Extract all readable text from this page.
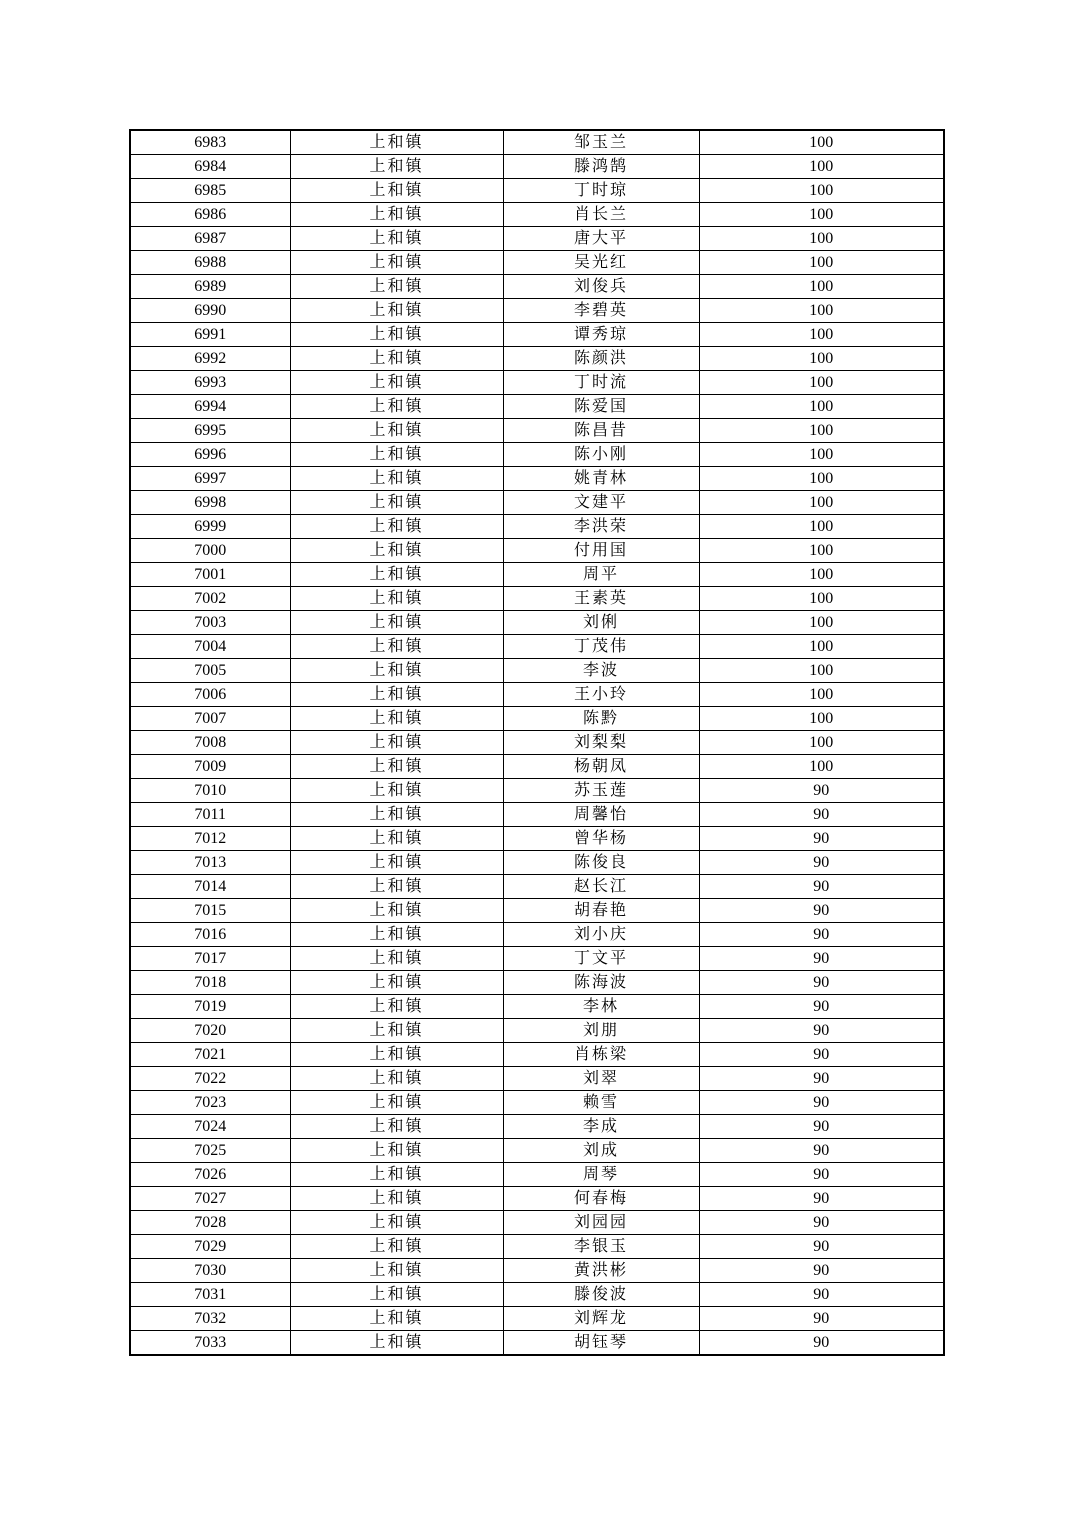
6983	上和镇	邹玉兰	100
6984	上和镇	滕鸿鹄	100
6985	上和镇	丁时琼	100
6986	上和镇	肖长兰	100
6987	上和镇	唐大平	100
6988	上和镇	吴光红	100
6989	上和镇	刘俊兵	100
6990	上和镇	李碧英	100
6991	上和镇	谭秀琼	100
6992	上和镇	陈颜洪	100
6993	上和镇	丁时流	100
6994	上和镇	陈爱国	100
6995	上和镇	陈昌昔	100
6996	上和镇	陈小刚	100
6997	上和镇	姚青林	100
6998	上和镇	文建平	100
6999	上和镇	李洪荣	100
7000	上和镇	付用国	100
7001	上和镇	周平	100
7002	上和镇	王素英	100
7003	上和镇	刘俐	100
7004	上和镇	丁茂伟	100
7005	上和镇	李波	100
7006	上和镇	王小玲	100
7007	上和镇	陈黔	100
7008	上和镇	刘梨梨	100
7009	上和镇	杨朝凤	100
7010	上和镇	苏玉莲	90
7011	上和镇	周馨怡	90
7012	上和镇	曾华杨	90
7013	上和镇	陈俊良	90
7014	上和镇	赵长江	90
7015	上和镇	胡春艳	90
7016	上和镇	刘小庆	90
7017	上和镇	丁文平	90
7018	上和镇	陈海波	90
7019	上和镇	李林	90
7020	上和镇	刘朋	90
7021	上和镇	肖栋梁	90
7022	上和镇	刘翠	90
7023	上和镇	赖雪	90
7024	上和镇	李成	90
7025	上和镇	刘成	90
7026	上和镇	周琴	90
7027	上和镇	何春梅	90
7028	上和镇	刘园园	90
7029	上和镇	李银玉	90
7030	上和镇	黄洪彬	90
7031	上和镇	滕俊波	90
7032	上和镇	刘辉龙	90
7033	上和镇	胡钰琴	90
